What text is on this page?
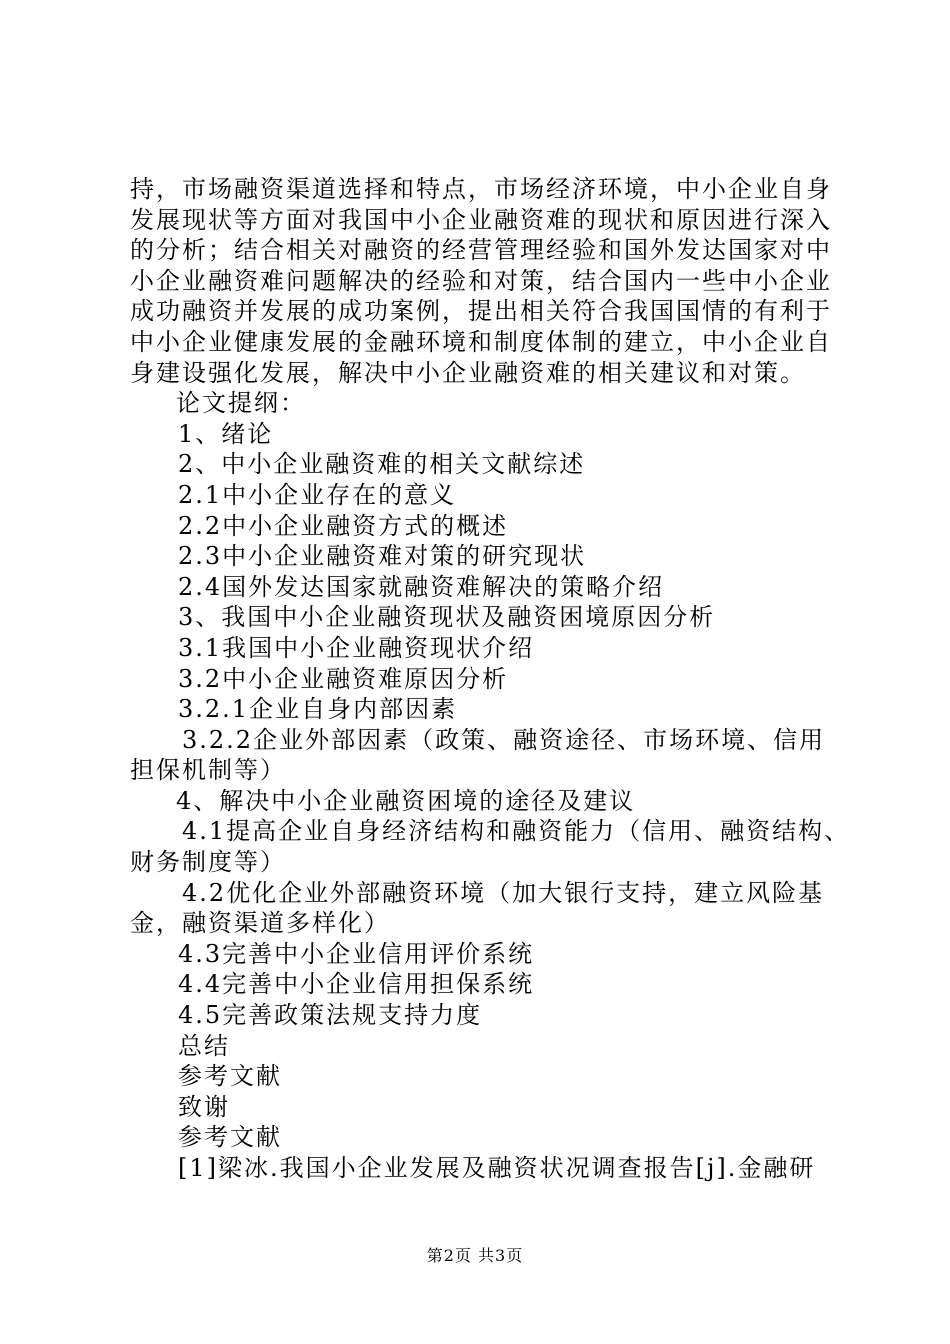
持，市场融资渠道选择和特点，市场经济环境，中小企业自身
发展现状等方面对我国中小企业融资难的现状和原因进行深入
的分析；结合相关对融资的经营管理经验和国外发达国家对中
小企业融资难问题解决的经验和对策，结合国内一些中小企业
成功融资并发展的成功案例，提出相关符合我国国情的有利于
中小企业健康发展的金融环境和制度体制的建立，中小企业自
身建设强化发展，解决中小企业融资难的相关建议和对策。
论文提纲：
1、绪论
2、中小企业融资难的相关文献综述
2.1中小企业存在的意义
2.2中小企业融资方式的概述
2.3中小企业融资难对策的研究现状
2.4国外发达国家就融资难解决的策略介绍
3、我国中小企业融资现状及融资困境原因分析
3.1我国中小企业融资现状介绍
3.2中小企业融资难原因分析
3.2.1企业自身内部因素
3.2.2企业外部因素（政策、融资途径、市场环境、信用
担保机制等）
4、解决中小企业融资困境的途径及建议
4.1提高企业自身经济结构和融资能力（信用、融资结构、
财务制度等）
4.2优化企业外部融资环境（加大银行支持，建立风险基
金，融资渠道多样化）
4.3完善中小企业信用评价系统
4.4完善中小企业信用担保系统
4.5完善政策法规支持力度
总结
参考文献
致谢
参考文献
[1]梁冰.我国小企业发展及融资状况调查报告[j].金融研
第2页 共3页
